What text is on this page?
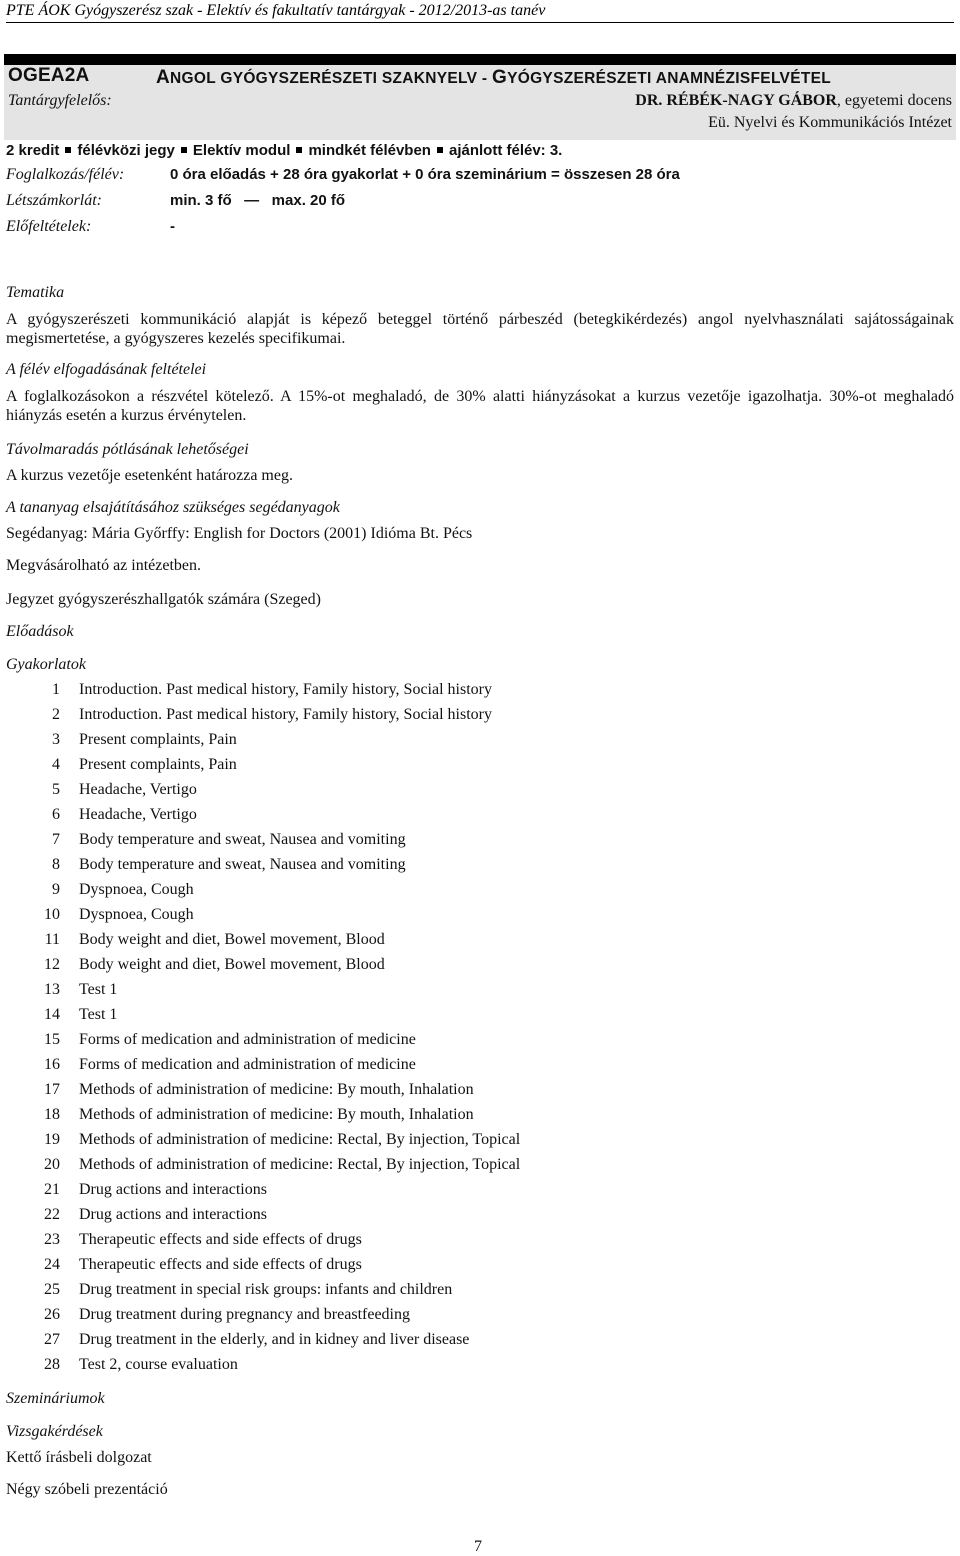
PTE ÁOK Gyógyszerész szak - Elektív és fakultatív tantárgyak - 2012/2013-as tanév
OGEA2A	ANGOL GYÓGYSZERÉSZETI SZAKNYELV - GYÓGYSZERÉSZETI ANAMNÉZISFELVÉTEL
Tantárgyfelelős:	DR. RÉBÉK-NAGY GÁBOR, egyetemi docens
Eü. Nyelvi és Kommunikációs Intézet
2 kredit félévközi jegy Elektív modul mindkét félévben ajánlott félév: 3.
Foglalkozás/félév:	0 óra előadás + 28 óra gyakorlat + 0 óra szeminárium = összesen 28 óra
Létszámkorlát:	min. 3 fő   —   max. 20 fő
Előfeltételek:	-
Tematika
A gyógyszerészeti kommunikáció alapját is képező beteggel történő párbeszéd (betegkikérdezés) angol nyelvhasználati sajátosságainak megismertetése, a gyógyszeres kezelés specifikumai.
A félév elfogadásának feltételei
A foglalkozásokon a részvétel kötelező. A 15%-ot meghaladó, de 30% alatti hiányzásokat a kurzus vezetője igazolhatja. 30%-ot meghaladó hiányzás esetén a kurzus érvénytelen.
Távolmaradás pótlásának lehetőségei
A kurzus vezetője esetenként határozza meg.
A tananyag elsajátításához szükséges segédanyagok
Segédanyag: Mária Győrffy: English for Doctors (2001) Idióma Bt. Pécs
Megvásárolható az intézetben.
Jegyzet gyógyszerészhallgatók számára (Szeged)
Előadások
Gyakorlatok
1 Introduction. Past medical history, Family history, Social history
2 Introduction. Past medical history, Family history, Social history
3 Present complaints, Pain
4 Present complaints, Pain
5 Headache, Vertigo
6 Headache, Vertigo
7 Body temperature and sweat, Nausea and vomiting
8 Body temperature and sweat, Nausea and vomiting
9 Dyspnoea, Cough
10 Dyspnoea, Cough
11 Body weight and diet, Bowel movement, Blood
12 Body weight and diet, Bowel movement, Blood
13 Test 1
14 Test 1
15 Forms of medication and administration of medicine
16 Forms of medication and administration of medicine
17 Methods of administration of medicine: By mouth, Inhalation
18 Methods of administration of medicine: By mouth, Inhalation
19 Methods of administration of medicine: Rectal, By injection, Topical
20 Methods of administration of medicine: Rectal, By injection, Topical
21 Drug actions and interactions
22 Drug actions and interactions
23 Therapeutic effects and side effects of drugs
24 Therapeutic effects and side effects of drugs
25 Drug treatment in special risk groups: infants and children
26 Drug treatment during pregnancy and breastfeeding
27 Drug treatment in the elderly, and in kidney and liver disease
28 Test 2, course evaluation
Szemináriumok
Vizsgakérdések
Kettő írásbeli dolgozat
Négy szóbeli prezentáció
7
